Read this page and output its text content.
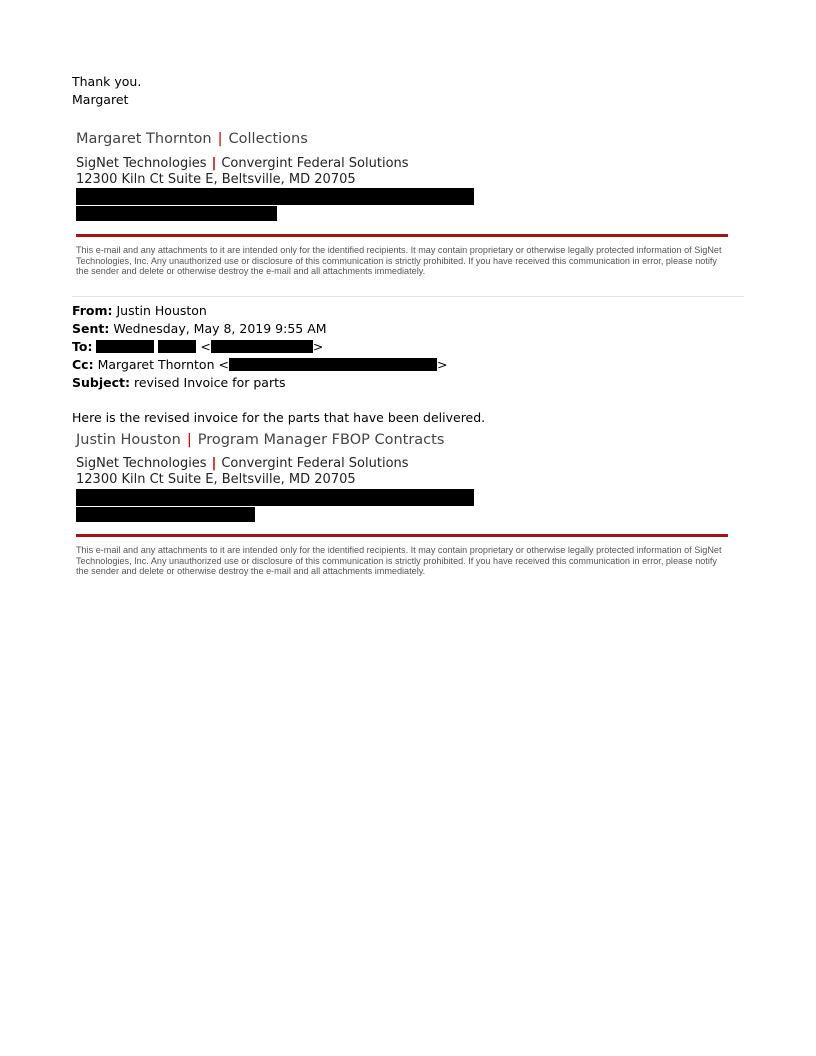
Thank you.
Margaret
Margaret Thornton | Collections
SigNet Technologies | Convergint Federal Solutions
12300 Kiln Ct Suite E, Beltsville, MD 20705
This e-mail and any attachments to it are intended only for the identified recipients. It may contain proprietary or otherwise legally protected information of SigNet Technologies, Inc. Any unauthorized use or disclosure of this communication is strictly prohibited. If you have received this communication in error, please notify the sender and delete or otherwise destroy the e-mail and all attachments immediately.
From: Justin Houston
Sent: Wednesday, May 8, 2019 9:55 AM
To:	<	>
Cc: Margaret Thornton <	>
Subject: revised Invoice for parts
Here is the revised invoice for the parts that have been delivered.
Justin Houston | Program Manager FBOP Contracts
SigNet Technologies | Convergint Federal Solutions
12300 Kiln Ct Suite E, Beltsville, MD 20705
This e-mail and any attachments to it are intended only for the identified recipients. It may contain proprietary or otherwise legally protected information of SigNet Technologies, Inc. Any unauthorized use or disclosure of this communication is strictly prohibited. If you have received this communication in error, please notify the sender and delete or otherwise destroy the e-mail and all attachments immediately.
